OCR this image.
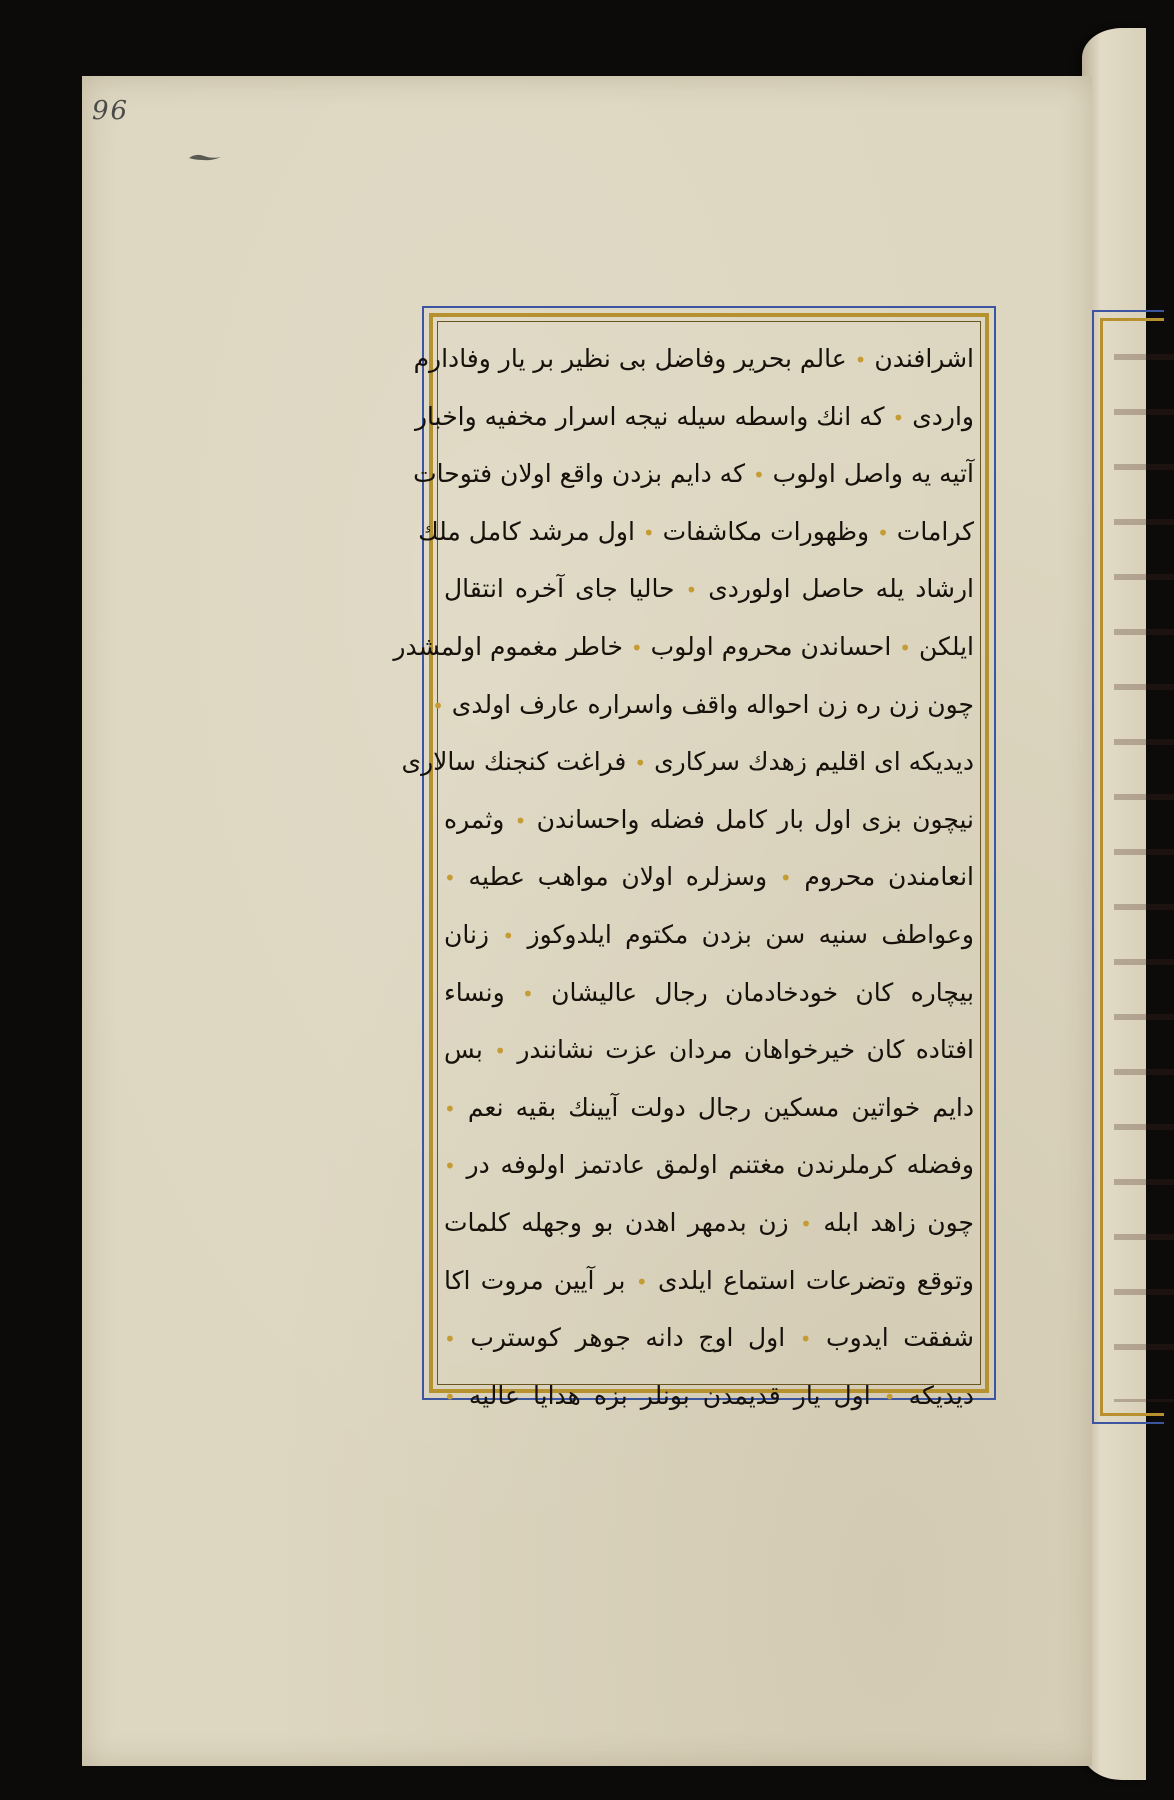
96
اشرافندن • عالم بحرير وفاضل بى نظير بر يار وفادارم
واردى • كه انك واسطه سيله نيجه اسرار مخفيه واخبار
آتيه يه واصل اولوب • كه دايم بزدن واقع اولان فتوحات
كرامات • وظهورات مكاشفات • اول مرشد كامل ملك
ارشاد يله حاصل اولوردى • حاليا جاى آخره انتقال
ايلكن • احساندن محروم اولوب • خاطر مغموم اولمشدر
چون زن ره زن احواله واقف واسراره عارف اولدى •
ديديكه اى اقليم زهدك سركارى • فراغت كنجنك سالارى
نيچون بزى اول بار كامل فضله واحساندن • وثمره
انعامندن محروم • وسزلره اولان مواهب عطيه •
وعواطف سنيه سن بزدن مكتوم ايلدوكوز • زنان
بيچاره كان خودخادمان رجال عاليشان • ونساء
افتاده كان خيرخواهان مردان عزت نشانندر • بس
دايم خواتين مسكين رجال دولت آيينك بقيه نعم •
وفضله كرملرندن مغتنم اولمق عادتمز اولوفه در •
چون زاهد ابله • زن بدمهر اهدن بو وجهله كلمات
وتوقع وتضرعات استماع ايلدى • بر آيين مروت اكا
شفقت ايدوب • اول اوج دانه جوهر كوسترب •
ديديكه • اول يار قديمدن بونلر بزه هدايا عاليه •
